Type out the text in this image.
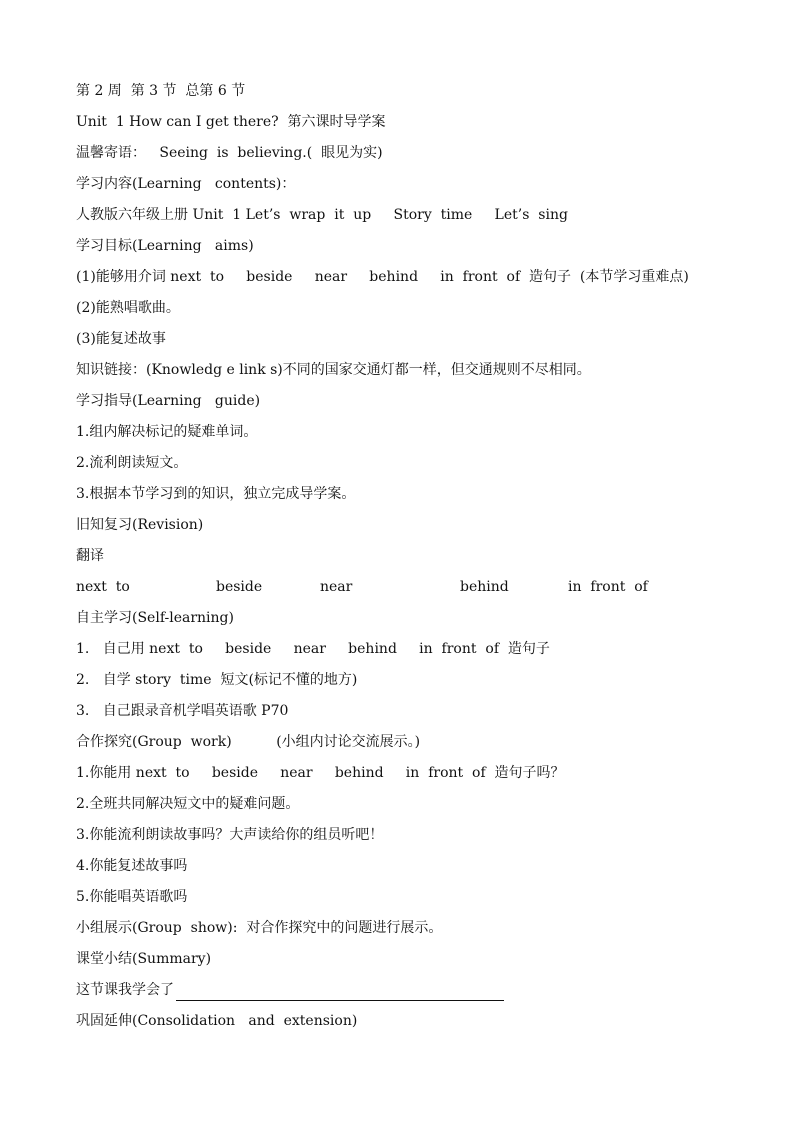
第 2 周  第 3 节  总第 6 节
Unit  1 How can I get there?  第六课时导学案
温馨寄语：   Seeing  is  believing.(  眼见为实)
学习内容(Learning   contents)：
人教版六年级上册 Unit  1 Let’s  wrap  it  up     Story  time     Let’s  sing
学习目标(Learning   aims)
(1)能够用介词 next  to     beside     near     behind     in  front  of  造句子  (本节学习重难点)
(2)能熟唱歌曲。
(3)能复述故事
知识链接：(Knowledg e link s)不同的国家交通灯都一样，但交通规则不尽相同。
学习指导(Learning   guide)
1.组内解决标记的疑难单词。
2.流利朗读短文。
3.根据本节学习到的知识，独立完成导学案。
旧知复习(Revision)
翻译
next  to	beside	near	behind	in  front  of
自主学习(Self-learning)
1.   自己用 next  to     beside     near     behind     in  front  of  造句子
2.   自学 story  time  短文(标记不懂的地方)
3.   自己跟录音机学唱英语歌 P70
合作探究(Group  work)          (小组内讨论交流展示。)
1.你能用 next  to     beside     near     behind     in  front  of  造句子吗？
2.全班共同解决短文中的疑难问题。
3.你能流利朗读故事吗？大声读给你的组员听吧！
4.你能复述故事吗
5.你能唱英语歌吗
小组展示(Group  show):  对合作探究中的问题进行展示。
课堂小结(Summary)
这节课我学会了
巩固延伸(Consolidation   and  extension)
